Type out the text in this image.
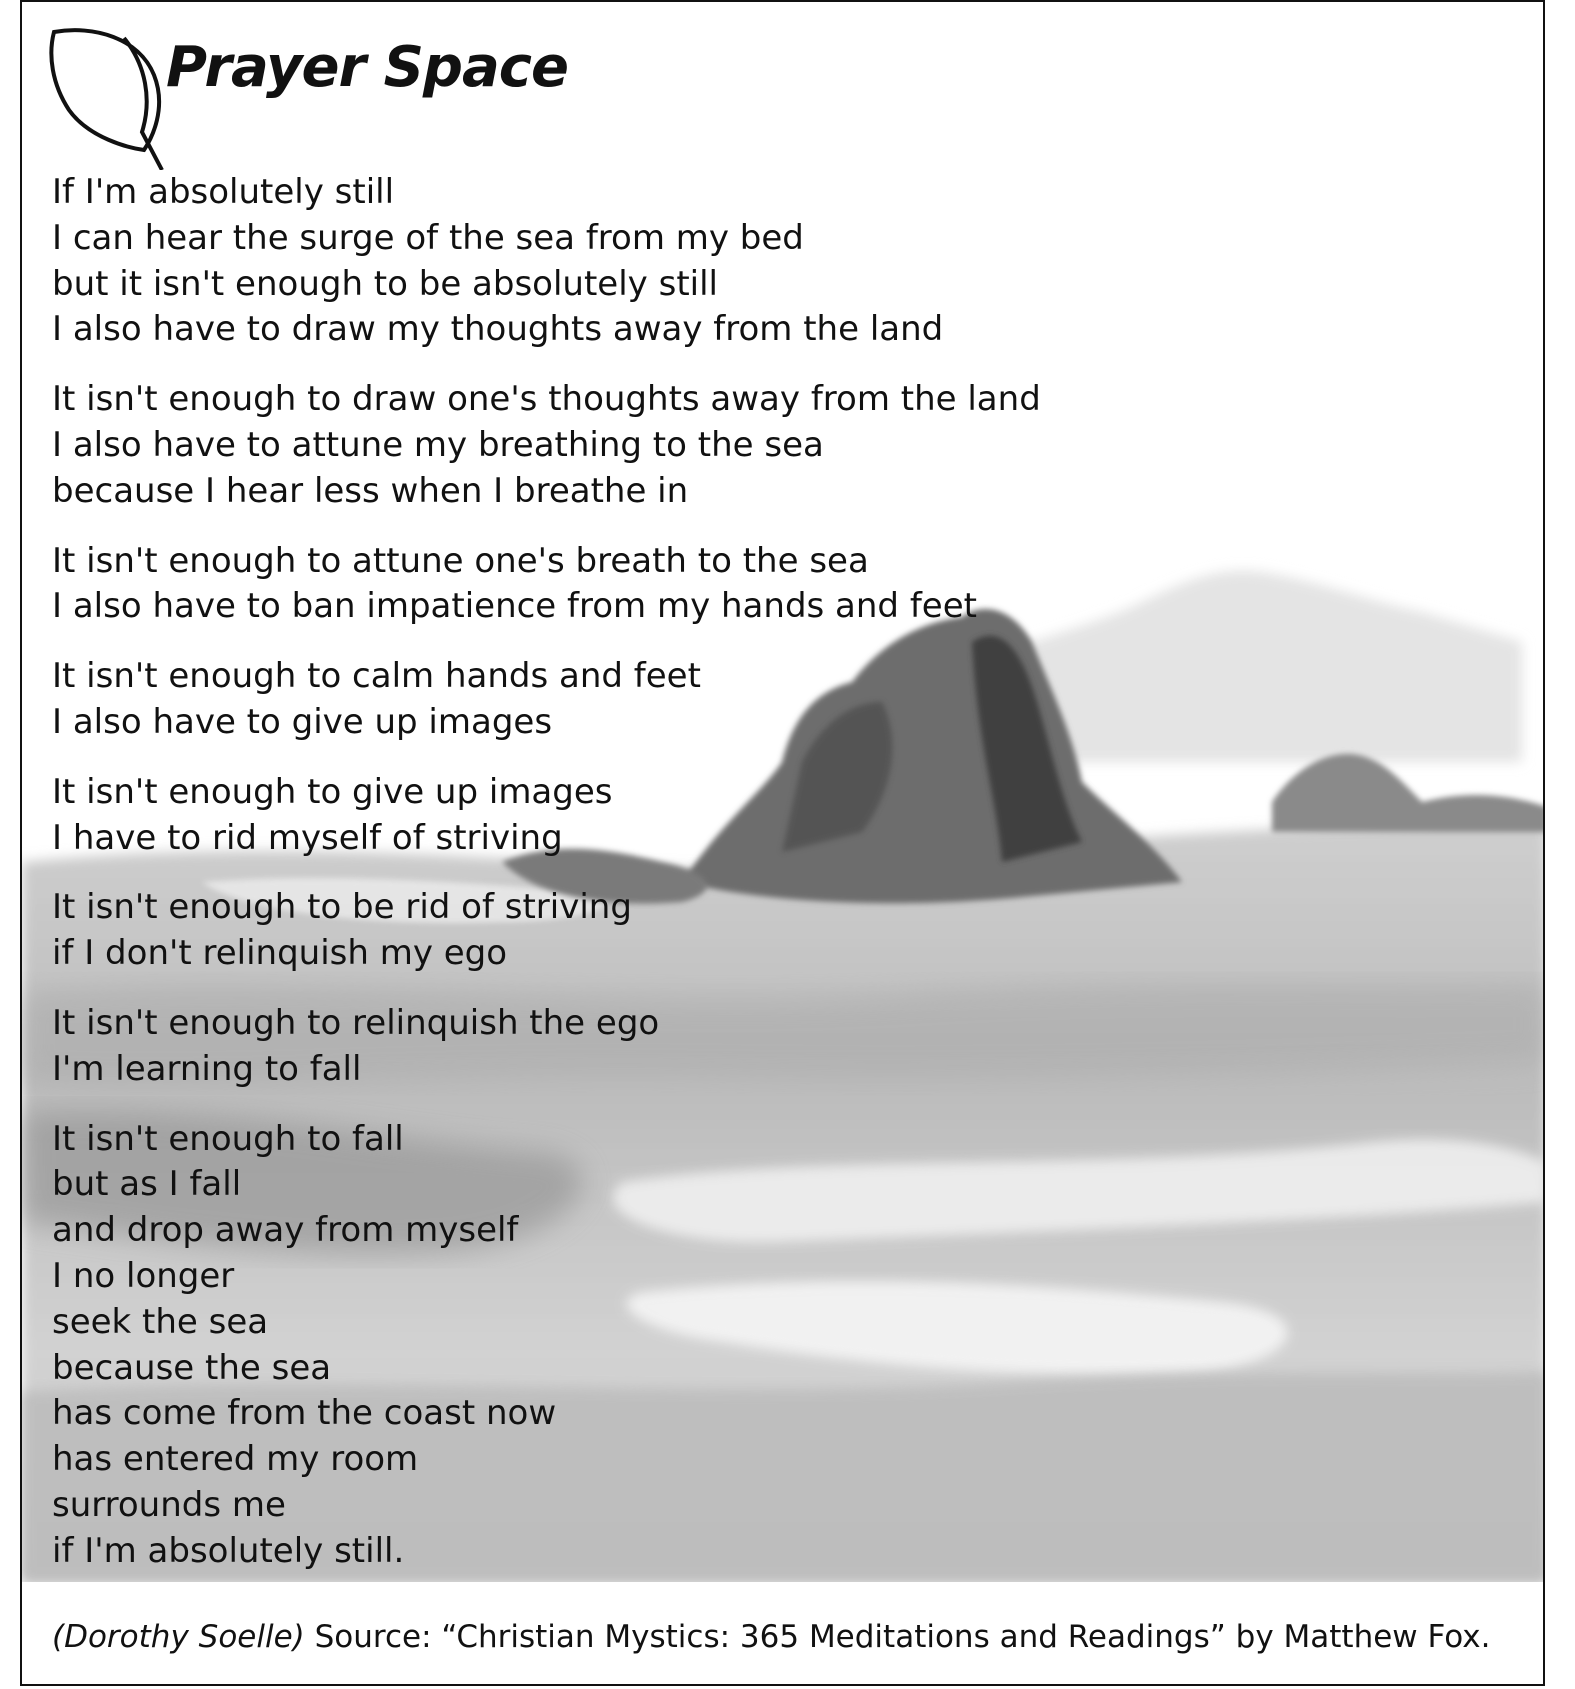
Prayer Space
If I'm absolutely still
I can hear the surge of the sea from my bed
but it isn't enough to be absolutely still
I also have to draw my thoughts away from the land
It isn't enough to draw one's thoughts away from the land
I also have to attune my breathing to the sea
because I hear less when I breathe in
It isn't enough to attune one's breath to the sea
I also have to ban impatience from my hands and feet
It isn't enough to calm hands and feet
I also have to give up images
It isn't enough to give up images
I have to rid myself of striving
It isn't enough to be rid of striving
if I don't relinquish my ego
It isn't enough to relinquish the ego
I'm learning to fall
It isn't enough to fall
but as I fall
and drop away from myself
I no longer
seek the sea
because the sea
has come from the coast now
has entered my room
surrounds me
if I'm absolutely still.
(Dorothy Soelle) Source: “Christian Mystics: 365 Meditations and Readings” by Matthew Fox.
